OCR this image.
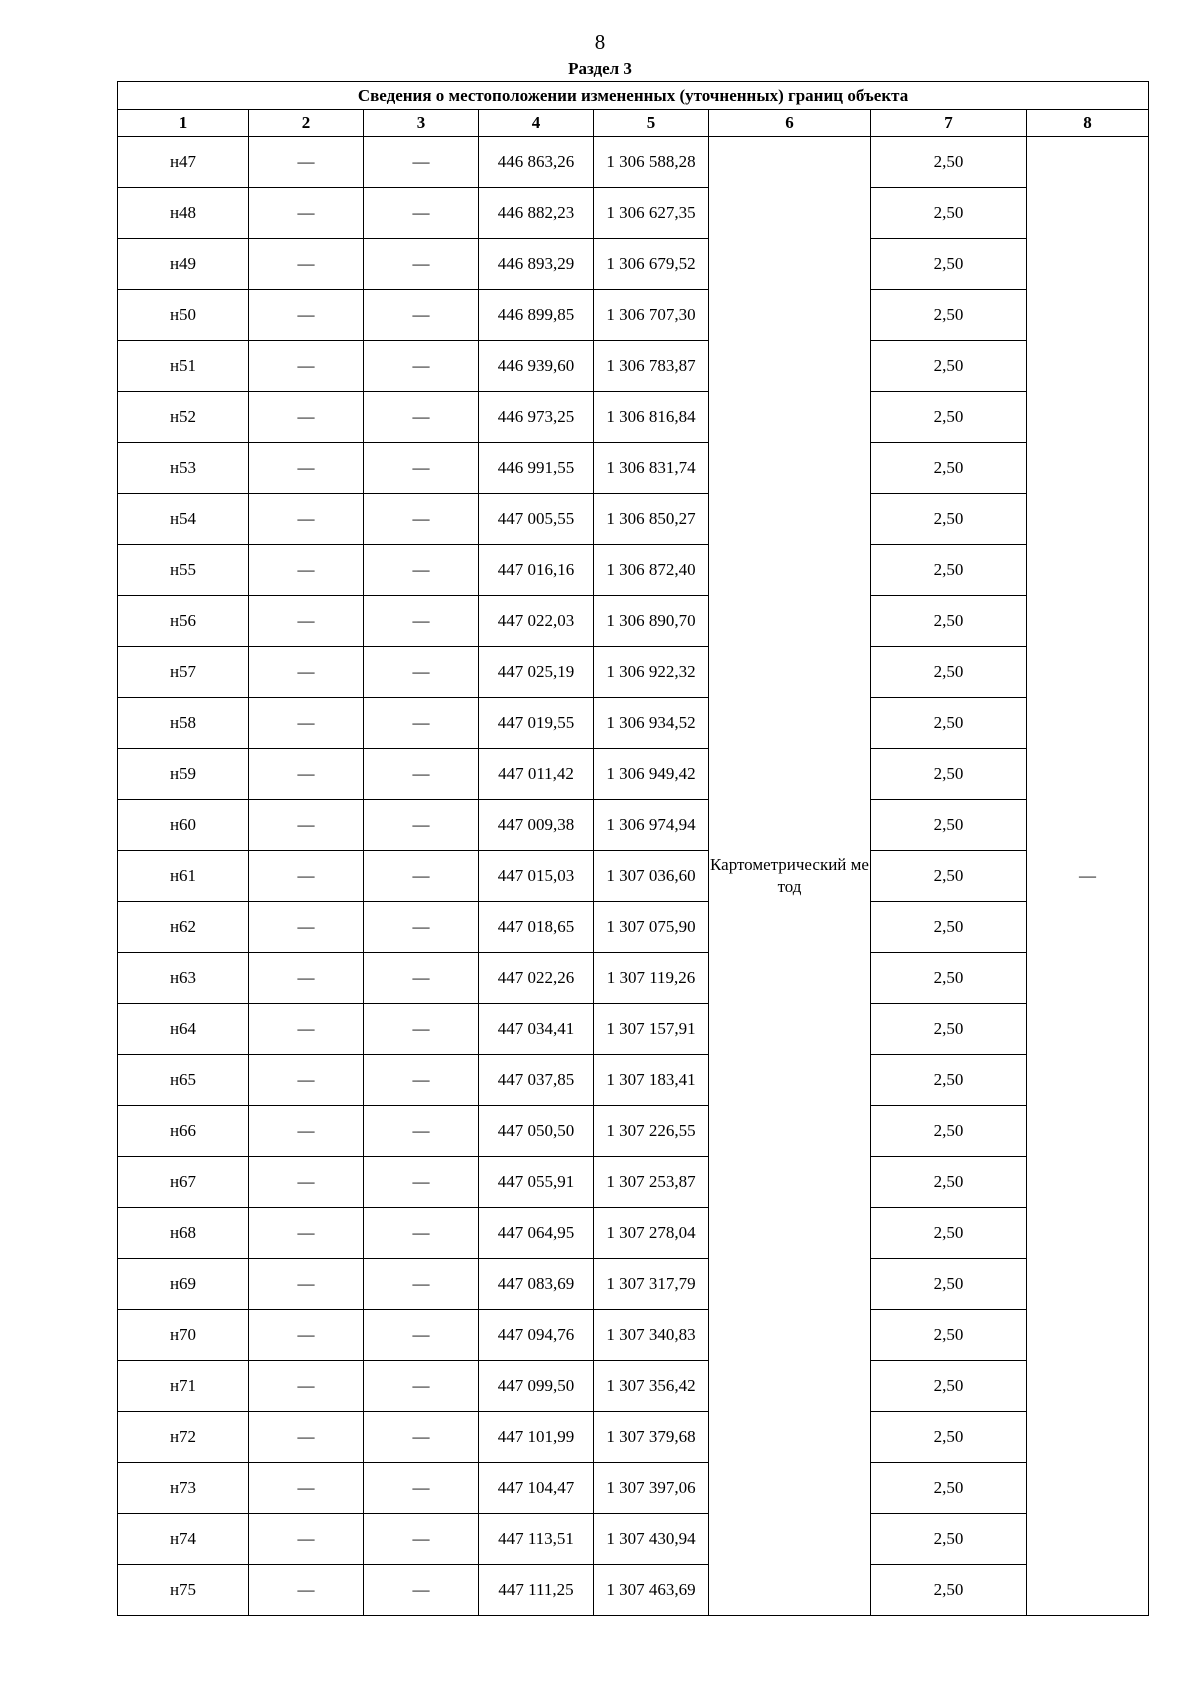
8
Раздел 3
Сведения о местоположении измененных (уточненных) границ объекта							
1	2	3	4	5	6	7	8
н47	—	—	446 863,26	1 306 588,28	Картометрический метод	2,50	—
н48	—	—	446 882,23	1 306 627,35		2,50	
н49	—	—	446 893,29	1 306 679,52		2,50	
н50	—	—	446 899,85	1 306 707,30		2,50	
н51	—	—	446 939,60	1 306 783,87		2,50	
н52	—	—	446 973,25	1 306 816,84		2,50	
н53	—	—	446 991,55	1 306 831,74		2,50	
н54	—	—	447 005,55	1 306 850,27		2,50	
н55	—	—	447 016,16	1 306 872,40		2,50	
н56	—	—	447 022,03	1 306 890,70		2,50	
н57	—	—	447 025,19	1 306 922,32		2,50	
н58	—	—	447 019,55	1 306 934,52		2,50	
н59	—	—	447 011,42	1 306 949,42		2,50	
н60	—	—	447 009,38	1 306 974,94		2,50	
н61	—	—	447 015,03	1 307 036,60		2,50	
н62	—	—	447 018,65	1 307 075,90		2,50	
н63	—	—	447 022,26	1 307 119,26		2,50	
н64	—	—	447 034,41	1 307 157,91		2,50	
н65	—	—	447 037,85	1 307 183,41		2,50	
н66	—	—	447 050,50	1 307 226,55		2,50	
н67	—	—	447 055,91	1 307 253,87		2,50	
н68	—	—	447 064,95	1 307 278,04		2,50	
н69	—	—	447 083,69	1 307 317,79		2,50	
н70	—	—	447 094,76	1 307 340,83		2,50	
н71	—	—	447 099,50	1 307 356,42		2,50	
н72	—	—	447 101,99	1 307 379,68		2,50	
н73	—	—	447 104,47	1 307 397,06		2,50	
н74	—	—	447 113,51	1 307 430,94		2,50	
н75	—	—	447 111,25	1 307 463,69		2,50	
